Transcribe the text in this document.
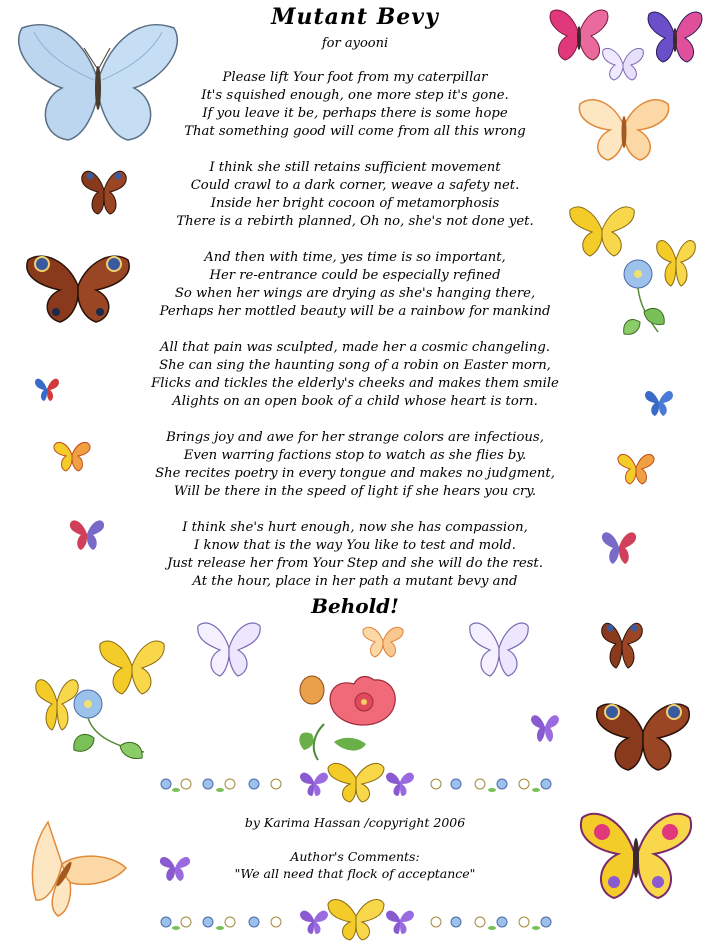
Mutant Bevy
for ayooni
Please lift Your foot from my caterpillar
It's squished enough, one more step it's gone.
If you leave it be, perhaps there is some hope
That something good will come from all this wrong
I think she still retains sufficient movement
Could crawl to a dark corner, weave a safety net.
Inside her bright cocoon of metamorphosis
There is a rebirth planned, Oh no, she's not done yet.
And then with time, yes time is so important,
Her re-entrance could be especially refined
So when her wings are drying as she's hanging there,
Perhaps her mottled beauty will be a rainbow for mankind
All that pain was sculpted, made her a cosmic changeling.
She can sing the haunting song of a robin on Easter morn,
Flicks and tickles the elderly's cheeks and makes them smile
Alights on an open book of a child whose heart is torn.
Brings joy and awe for her strange colors are infectious,
Even warring factions stop to watch as she flies by.
She recites poetry in every tongue and makes no judgment,
Will be there in the speed of light if she hears you cry.
I think she's hurt enough, now she has compassion,
I know that is the way You like to test and mold.
Just release her from Your Step and she will do the rest.
At the hour, place in her path a mutant bevy and
Behold!
by Karima Hassan /copyright 2006
Author's Comments:
"We all need that flock of acceptance"
